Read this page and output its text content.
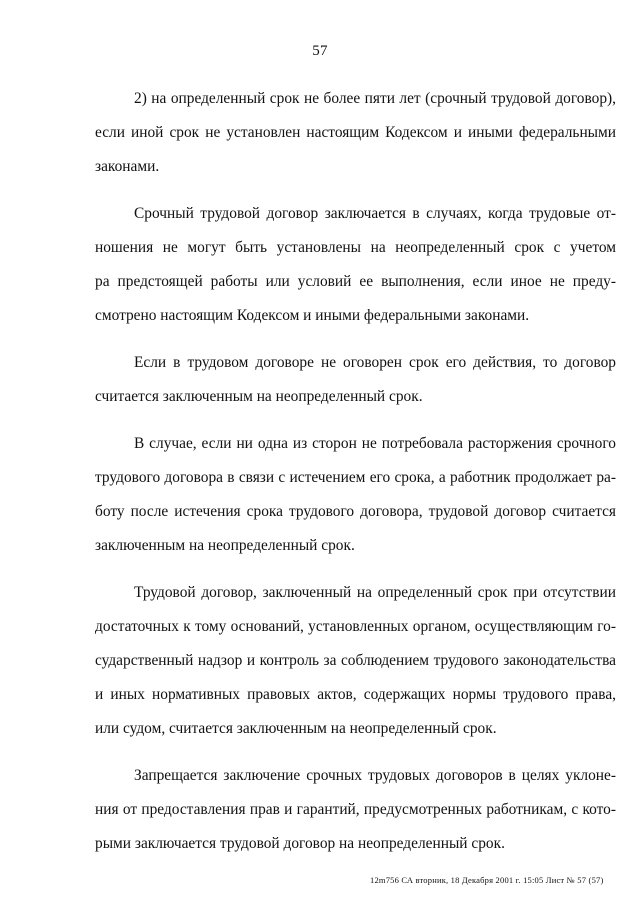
57
2) на определенный срок не более пяти лет (срочный трудовой договор),
если иной срок не установлен настоящим Кодексом и иными федеральными
законами.
Срочный трудовой договор заключается в случаях, когда трудовые от-
ношения не могут быть установлены на неопределенный срок с учетом
ра предстоящей работы или условий ее выполнения, если иное не преду-
смотрено настоящим Кодексом и иными федеральными законами.
Если в трудовом договоре не оговорен срок его действия, то договор
считается заключенным на неопределенный срок.
В случае, если ни одна из сторон не потребовала расторжения срочного
трудового договора в связи с истечением его срока, а работник продолжает ра-
боту после истечения срока трудового договора, трудовой договор считается
заключенным на неопределенный срок.
Трудовой договор, заключенный на определенный срок при отсутствии
достаточных к тому оснований, установленных органом, осуществляющим го-
сударственный надзор и контроль за соблюдением трудового законодательства
и иных нормативных правовых актов, содержащих нормы трудового права,
или судом, считается заключенным на неопределенный срок.
Запрещается заключение срочных трудовых договоров в целях уклоне-
ния от предоставления прав и гарантий, предусмотренных работникам, с кото-
рыми заключается трудовой договор на неопределенный срок.
12m756 СА вторник, 18 Декабря 2001 г. 15:05 Лист № 57 (57)
